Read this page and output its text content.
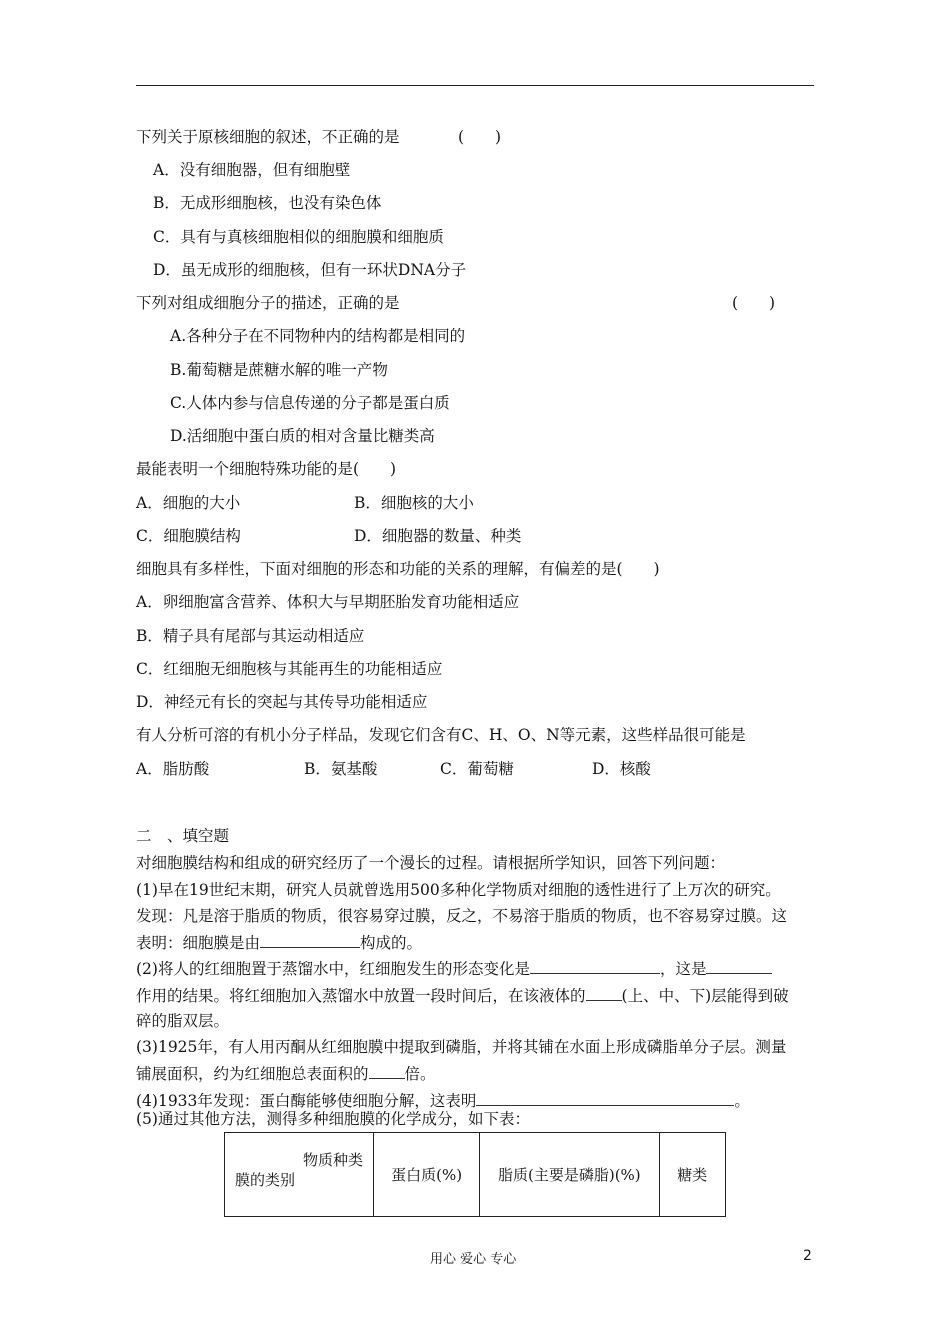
下列关于原核细胞的叙述，不正确的是	(　　)
A．没有细胞器，但有细胞壁
B．无成形细胞核，也没有染色体
C．具有与真核细胞相似的细胞膜和细胞质
D．虽无成形的细胞核，但有一环状DNA分子
下列对组成细胞分子的描述，正确的是	(　　)
A.各种分子在不同物种内的结构都是相同的
B.葡萄糖是蔗糖水解的唯一产物
C.人体内参与信息传递的分子都是蛋白质
D.活细胞中蛋白质的相对含量比糖类高
最能表明一个细胞特殊功能的是(　　)
A．细胞的大小	B．细胞核的大小
C．细胞膜结构	D．细胞器的数量、种类
细胞具有多样性，下面对细胞的形态和功能的关系的理解，有偏差的是(　　)
A．卵细胞富含营养、体积大与早期胚胎发育功能相适应
B．精子具有尾部与其运动相适应
C．红细胞无细胞核与其能再生的功能相适应
D．神经元有长的突起与其传导功能相适应
有人分析可溶的有机小分子样品，发现它们含有C、H、O、N等元素，这些样品很可能是
A．脂肪酸	B．氨基酸	C．葡萄糖	D．核酸
二　、填空题
对细胞膜结构和组成的研究经历了一个漫长的过程。请根据所学知识，回答下列问题：
(1)早在19世纪末期，研究人员就曾选用500多种化学物质对细胞的透性进行了上万次的研究。
发现：凡是溶于脂质的物质，很容易穿过膜，反之，不易溶于脂质的物质，也不容易穿过膜。这
表明：细胞膜是由	构成的。
(2)将人的红细胞置于蒸馏水中，红细胞发生的形态变化是	，这是
作用的结果。将红细胞加入蒸馏水中放置一段时间后，在该液体的 (上、中、下)层能得到破
碎的脂双层。
(3)1925年，有人用丙酮从红细胞膜中提取到磷脂，并将其铺在水面上形成磷脂单分子层。测量
铺展面积，约为红细胞总表面积的 倍。
(4)1933年发现：蛋白酶能够使细胞分解，这表明	。
(5)通过其他方法，测得多种细胞膜的化学成分，如下表：
物质种类
膜的类别	蛋白质(%)	脂质(主要是磷脂)(%)	糖类
用心 爱心 专心	2
